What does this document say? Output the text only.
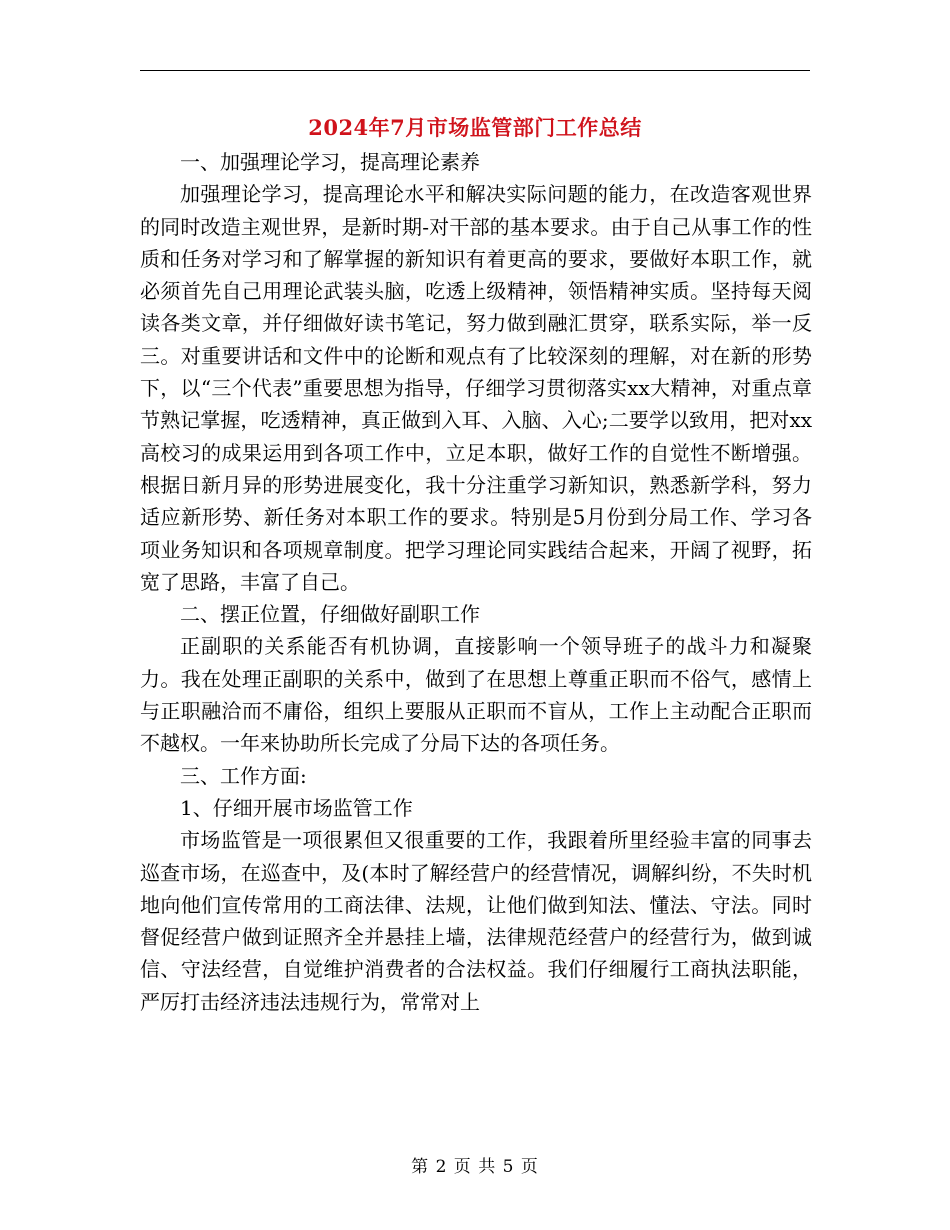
2024年7月市场监管部门工作总结

一、加强理论学习，提高理论素养

加强理论学习，提高理论水平和解决实际问题的能力，在改造客观世界的同时改造主观世界，是新时期-对干部的基本要求。由于自己从事工作的性质和任务对学习和了解掌握的新知识有着更高的要求，要做好本职工作，就必须首先自己用理论武装头脑，吃透上级精神，领悟精神实质。坚持每天阅读各类文章，并仔细做好读书笔记，努力做到融汇贯穿，联系实际，举一反三。对重要讲话和文件中的论断和观点有了比较深刻的理解，对在新的形势下，以“三个代表”重要思想为指导，仔细学习贯彻落实xx大精神，对重点章节熟记掌握，吃透精神，真正做到入耳、入脑、入心;二要学以致用，把对xx高校习的成果运用到各项工作中，立足本职，做好工作的自觉性不断增强。根据日新月异的形势进展变化，我十分注重学习新知识，熟悉新学科，努力适应新形势、新任务对本职工作的要求。特别是5月份到分局工作、学习各项业务知识和各项规章制度。把学习理论同实践结合起来，开阔了视野，拓宽了思路，丰富了自己。

二、摆正位置，仔细做好副职工作

正副职的关系能否有机协调，直接影响一个领导班子的战斗力和凝聚力。我在处理正副职的关系中，做到了在思想上尊重正职而不俗气，感情上与正职融洽而不庸俗，组织上要服从正职而不盲从，工作上主动配合正职而不越权。一年来协助所长完成了分局下达的各项任务。

三、工作方面:

1、仔细开展市场监管工作

市场监管是一项很累但又很重要的工作，我跟着所里经验丰富的同事去巡查市场，在巡查中，及(本时了解经营户的经营情况，调解纠纷，不失时机地向他们宣传常用的工商法律、法规，让他们做到知法、懂法、守法。同时督促经营户做到证照齐全并悬挂上墙，法律规范经营户的经营行为，做到诚信、守法经营，自觉维护消费者的合法权益。我们仔细履行工商执法职能，严厉打击经济违法违规行为，常常对上

第 2 页 共 5 页
